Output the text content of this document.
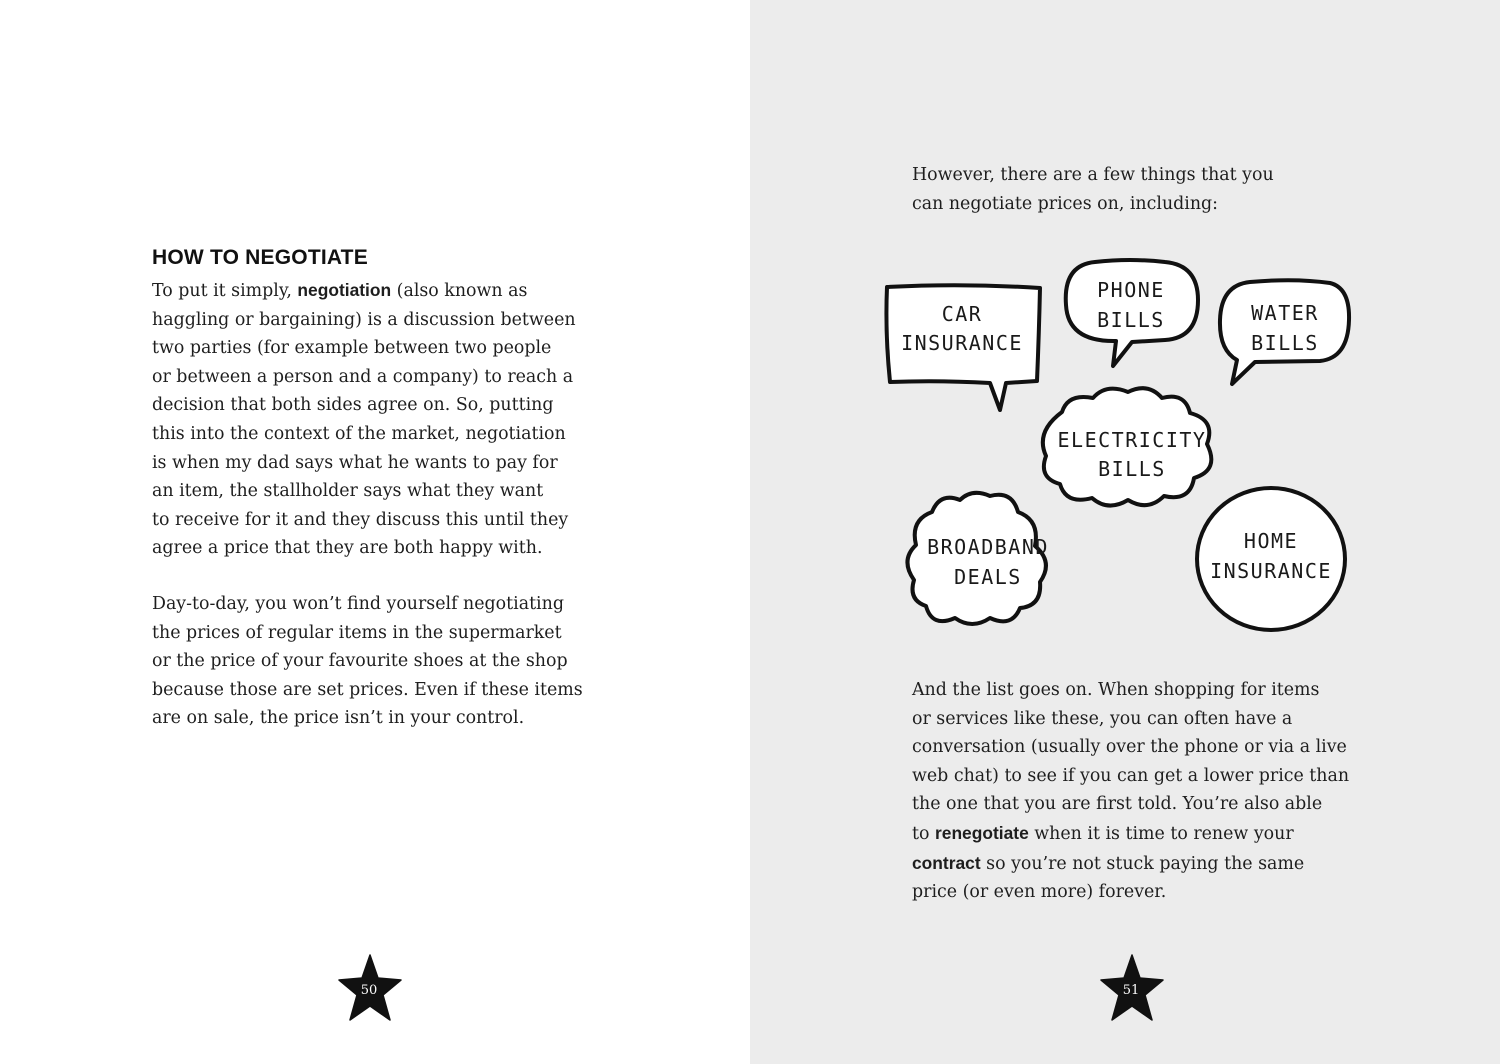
HOW TO NEGOTIATE

To put it simply, negotiation (also known as
haggling or bargaining) is a discussion between
two parties (for example between two people
or between a person and a company) to reach a
decision that both sides agree on. So, putting
this into the context of the market, negotiation
is when my dad says what he wants to pay for
an item, the stallholder says what they want
to receive for it and they discuss this until they
agree a price that they are both happy with.

Day-to-day, you won’t find yourself negotiating
the prices of regular items in the supermarket
or the price of your favourite shoes at the shop
because those are set prices. Even if these items
are on sale, the price isn’t in your control.

50

However, there are a few things that you
can negotiate prices on, including:

CAR
INSURANCE
PHONE
BILLS	WATER
BILLS
ELECTRICITY
BILLS
BROADBAND
DEALS
HOME
INSURANCE

And the list goes on. When shopping for items
or services like these, you can often have a
conversation (usually over the phone or via a live
web chat) to see if you can get a lower price than
the one that you are first told. You’re also able
to renegotiate when it is time to renew your
contract so you’re not stuck paying the same
price (or even more) forever.

51
